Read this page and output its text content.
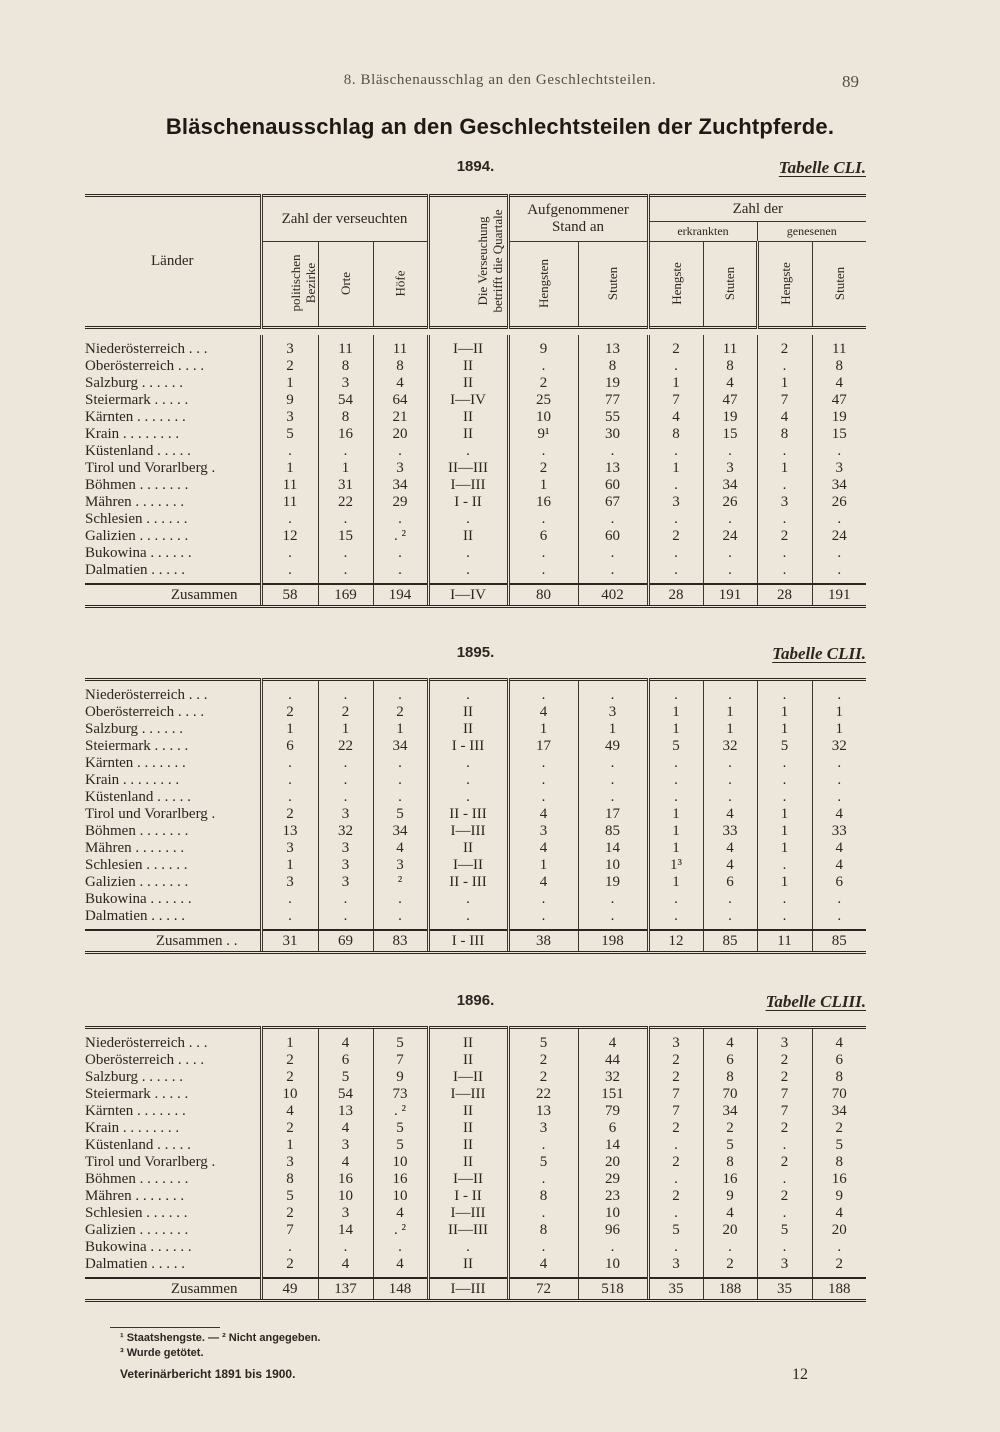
8. Bläschenausschlag an den Geschlechtsteilen.	89
Bläschenausschlag an den Geschlechtsteilen der Zuchtpferde.
1894.	Tabelle CLI.
Länder	Zahl der verseuchten			Die Verseuchung betrifft die Quartale	Aufgenommener Stand an		Zahl der			
							erkrankten		genesenen	
	politischen Bezirke	Orte	Höfe		Hengsten	Stuten	Hengste	Stuten	Hengste	Stuten
Niederösterreich . . .	3	11	11	I—II	9	13	2	11	2	11
Oberösterreich . . . .	2	8	8	II	.	8	.	8	.	8
Salzburg . . . . . .	1	3	4	II	2	19	1	4	1	4
Steiermark . . . . .	9	54	64	I—IV	25	77	7	47	7	47
Kärnten . . . . . . .	3	8	21	II	10	55	4	19	4	19
Krain . . . . . . . .	5	16	20	II	9¹	30	8	15	8	15
Küstenland . . . . .	.	.	.	.	.	.	.	.	.	.
Tirol und Vorarlberg .	1	1	3	II—III	2	13	1	3	1	3
Böhmen . . . . . . .	11	31	34	I—III	1	60	.	34	.	34
Mähren . . . . . . .	11	22	29	I - II	16	67	3	26	3	26
Schlesien . . . . . .	.	.	.	.	.	.	.	.	.	.
Galizien . . . . . . .	12	15	. ²	II	6	60	2	24	2	24
Bukowina . . . . . .	.	.	.	.	.	.	.	.	.	.
Dalmatien . . . . .	.	.	.	.	.	.	.	.	.	.
Zusammen	58	169	194	I—IV	80	402	28	191	28	191
1895.	Tabelle CLII.
Niederösterreich . . .	.	.	.	.	.	.	.	.	.	.
Oberösterreich . . . .	2	2	2	II	4	3	1	1	1	1
Salzburg . . . . . .	1	1	1	II	1	1	1	1	1	1
Steiermark . . . . .	6	22	34	I - III	17	49	5	32	5	32
Kärnten . . . . . . .	.	.	.	.	.	.	.	.	.	.
Krain . . . . . . . .	.	.	.	.	.	.	.	.	.	.
Küstenland . . . . .	.	.	.	.	.	.	.	.	.	.
Tirol und Vorarlberg .	2	3	5	II - III	4	17	1	4	1	4
Böhmen . . . . . . .	13	32	34	I—III	3	85	1	33	1	33
Mähren . . . . . . .	3	3	4	II	4	14	1	4	1	4
Schlesien . . . . . .	1	3	3	I—II	1	10	1³	4	.	4
Galizien . . . . . . .	3	3	²	II - III	4	19	1	6	1	6
Bukowina . . . . . .	.	.	.	.	.	.	.	.	.	.
Dalmatien . . . . .	.	.	.	.	.	.	.	.	.	.
Zusammen . .	31	69	83	I - III	38	198	12	85	11	85
1896.	Tabelle CLIII.
Niederösterreich . . .	1	4	5	II	5	4	3	4	3	4
Oberösterreich . . . .	2	6	7	II	2	44	2	6	2	6
Salzburg . . . . . .	2	5	9	I—II	2	32	2	8	2	8
Steiermark . . . . .	10	54	73	I—III	22	151	7	70	7	70
Kärnten . . . . . . .	4	13	. ²	II	13	79	7	34	7	34
Krain . . . . . . . .	2	4	5	II	3	6	2	2	2	2
Küstenland . . . . .	1	3	5	II	.	14	.	5	.	5
Tirol und Vorarlberg .	3	4	10	II	5	20	2	8	2	8
Böhmen . . . . . . .	8	16	16	I—II	.	29	.	16	.	16
Mähren . . . . . . .	5	10	10	I - II	8	23	2	9	2	9
Schlesien . . . . . .	2	3	4	I—III	.	10	.	4	.	4
Galizien . . . . . . .	7	14	. ²	II—III	8	96	5	20	5	20
Bukowina . . . . . .	.	.	.	.	.	.	.	.	.	.
Dalmatien . . . . .	2	4	4	II	4	10	3	2	3	2
Zusammen	49	137	148	I—III	72	518	35	188	35	188
¹ Staatshengste. — ² Nicht angegeben.
³ Wurde getötet.
Veterinärbericht 1891 bis 1900.	12
